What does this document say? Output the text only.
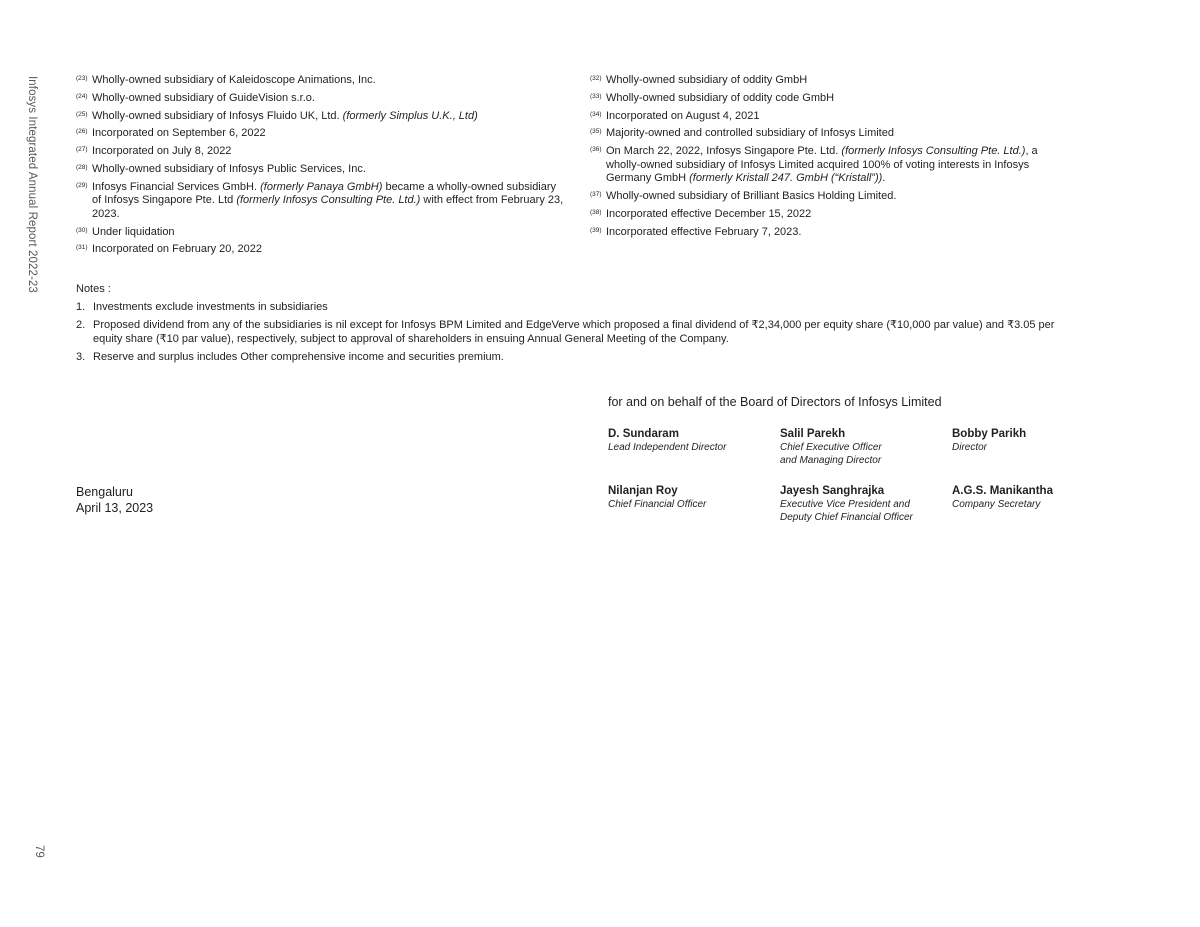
Infosys Integrated Annual Report 2022-23
79
(23) Wholly-owned subsidiary of Kaleidoscope Animations, Inc.
(24) Wholly-owned subsidiary of GuideVision s.r.o.
(25) Wholly-owned subsidiary of Infosys Fluido UK, Ltd. (formerly Simplus U.K., Ltd)
(26) Incorporated on September 6, 2022
(27) Incorporated on July 8, 2022
(28) Wholly-owned subsidiary of Infosys Public Services, Inc.
(29) Infosys Financial Services GmbH. (formerly Panaya GmbH) became a wholly-owned subsidiary of Infosys Singapore Pte. Ltd (formerly Infosys Consulting Pte. Ltd.) with effect from February 23, 2023.
(30) Under liquidation
(31) Incorporated on February 20, 2022
(32) Wholly-owned subsidiary of oddity GmbH
(33) Wholly-owned subsidiary of oddity code GmbH
(34) Incorporated on August 4, 2021
(35) Majority-owned and controlled subsidiary of Infosys Limited
(36) On March 22, 2022, Infosys Singapore Pte. Ltd. (formerly Infosys Consulting Pte. Ltd.), a wholly-owned subsidiary of Infosys Limited acquired 100% of voting interests in Infosys Germany GmbH (formerly Kristall 247. GmbH (“Kristall”)).
(37) Wholly-owned subsidiary of Brilliant Basics Holding Limited.
(38) Incorporated effective December 15, 2022
(39) Incorporated effective February 7, 2023.
Notes :
1. Investments exclude investments in subsidiaries
2. Proposed dividend from any of the subsidiaries is nil except for Infosys BPM Limited and EdgeVerve which proposed a final dividend of ₹2,34,000 per equity share (₹10,000 par value) and ₹3.05 per equity share (₹10 par value), respectively, subject to approval of shareholders in ensuing Annual General Meeting of the Company.
3. Reserve and surplus includes Other comprehensive income and securities premium.
for and on behalf of the Board of Directors of Infosys Limited
D. Sundaram
Lead Independent Director
Salil Parekh
Chief Executive Officer
and Managing Director
Bobby Parikh
Director
Nilanjan Roy
Chief Financial Officer
Jayesh Sanghrajka
Executive Vice President and
Deputy Chief Financial Officer
A.G.S. Manikantha
Company Secretary
Bengaluru
April 13, 2023
